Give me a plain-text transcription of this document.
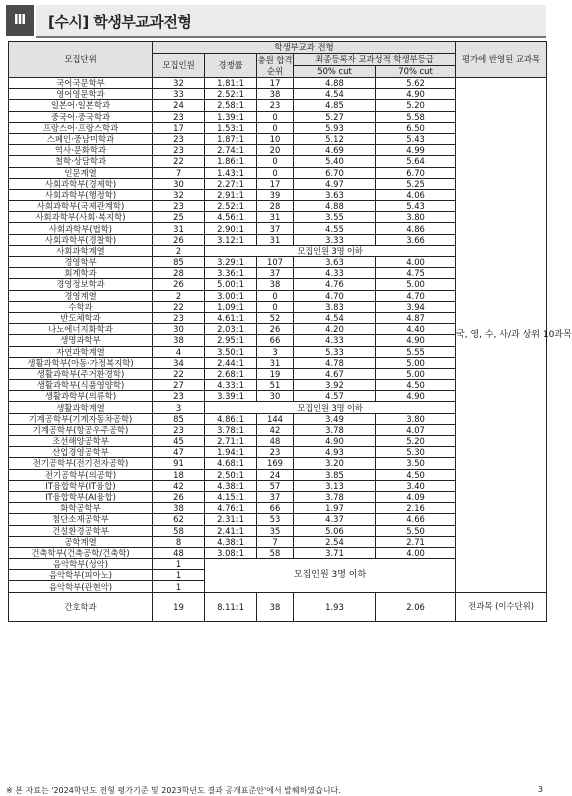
Ⅲ	[수시] 학생부교과전형
모집단위	학생부교과 전형					평가에 반영된 교과목
	모집인원	경쟁률	충원 합격 순위	최종등록자 교과성적 학생부등급		
				50% cut	70% cut	
국어국문학부	32	1.81:1	17	4.88	5.62	국, 영, 수, 사/과 상위 10과목
영어영문학과	33	2.52:1	38	4.54	4.90	
일본어·일본학과	24	2.58:1	23	4.85	5.20	
중국어·중국학과	23	1.39:1	0	5.27	5.58	
프랑스어·프랑스학과	17	1.53:1	0	5.93	6.50	
스페인·중남미학과	23	1.87:1	10	5.12	5.43	
역사·문화학과	23	2.74:1	20	4.69	4.99	
철학·상담학과	22	1.86:1	0	5.40	5.64	
인문계열	7	1.43:1	0	6.70	6.70	
사회과학부(경제학)	30	2.27:1	17	4.97	5.25	
사회과학부(행정학)	32	2.91:1	39	3.63	4.06	
사회과학부(국제관계학)	23	2.52:1	28	4.88	5.43	
사회과학부(사회·복지학)	25	4.56:1	31	3.55	3.80	
사회과학부(법학)	31	2.90:1	37	4.55	4.86	
사회과학부(경찰학)	26	3.12:1	31	3.33	3.66	
사회과학계열	2	모집인원 3명 이하				
경영학부	85	3.29:1	107	3.63	4.00	
회계학과	28	3.36:1	37	4.33	4.75	
경영정보학과	26	5.00:1	38	4.76	5.00	
경영계열	2	3.00:1	0	4.70	4.70	
수학과	22	1.09:1	0	3.83	3.94	
반도체학과	23	4.61:1	52	4.54	4.87	
나노에너지화학과	30	2.03:1	26	4.20	4.40	
생명과학부	38	2.95:1	66	4.33	4.90	
자연과학계열	4	3.50:1	3	5.33	5.55	
생활과학부(아동·가정복지학)	34	2.44:1	31	4.78	5.00	
생활과학부(주거환경학)	22	2.68:1	19	4.67	5.00	
생활과학부(식품영양학)	27	4.33:1	51	3.92	4.50	
생활과학부(의류학)	23	3.39:1	30	4.57	4.90	
생활과학계열	3	모집인원 3명 이하				
기계공학부(기계자동차공학)	85	4.86:1	144	3.49	3.80	
기계공학부(항공우주공학)	23	3.78:1	42	3.78	4.07	
조선해양공학부	45	2.71:1	48	4.90	5.20	
산업경영공학부	47	1.94:1	23	4.93	5.30	
전기공학부(전기전자공학)	91	4.68:1	169	3.20	3.50	
전기공학부(의공학)	18	2.50:1	24	3.85	4.50	
IT융합학부(IT융합)	42	4.38:1	57	3.13	3.40	
IT융합학부(AI융합)	26	4.15:1	37	3.78	4.09	
화학공학부	38	4.76:1	66	1.97	2.16	
첨단소재공학부	62	2.31:1	53	4.37	4.66	
건설환경공학부	58	2.41:1	35	5.06	5.50	
공학계열	8	4.38:1	7	2.54	2.71	
건축학부(건축공학/건축학)	48	3.08:1	58	3.71	4.00	
음악학부(성악)	1	모집인원 3명 이하				
음악학부(피아노)	1					
음악학부(관현악)	1					
간호학과	19	8.11:1	38	1.93	2.06	전과목 (이수단위)
※ 본 자료는 '2024학년도 전형 평가기준 및 2023학년도 결과 공개표준안'에서 발췌하였습니다.	3
